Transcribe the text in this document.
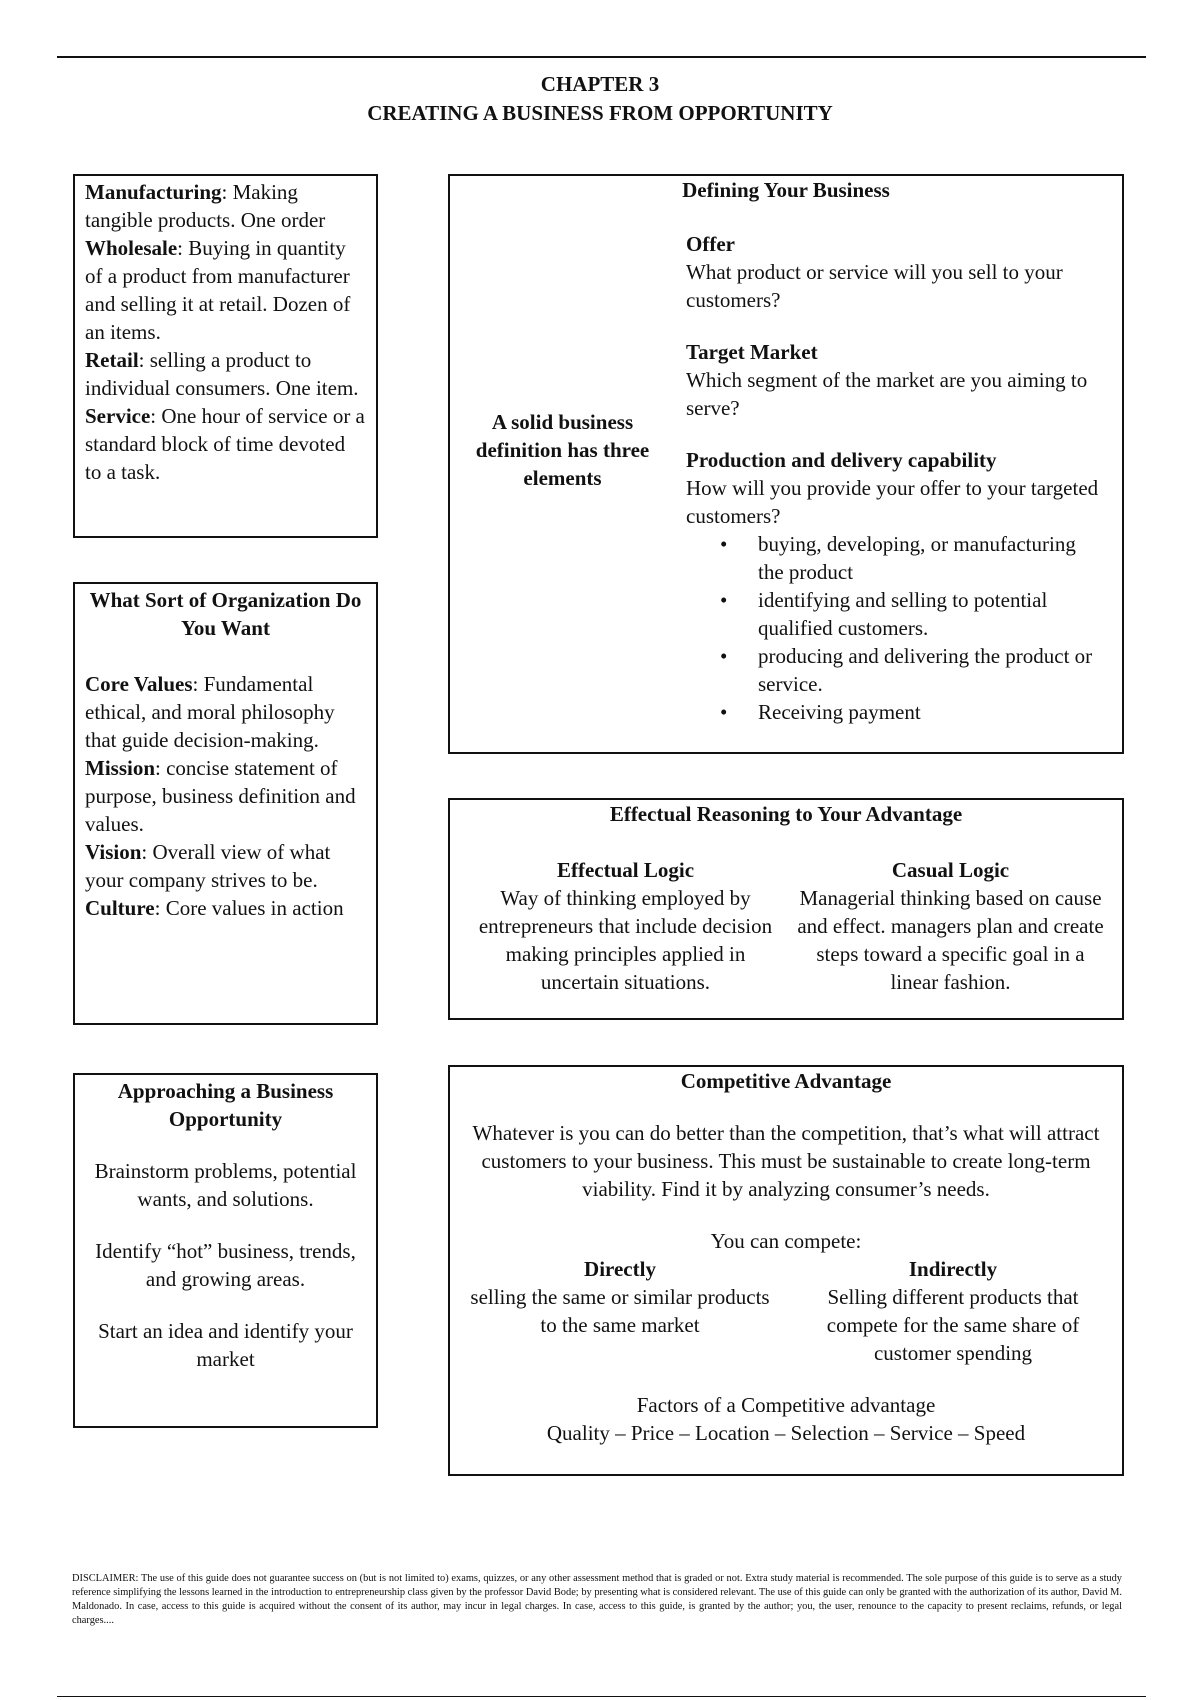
CHAPTER 3
CREATING A BUSINESS FROM OPPORTUNITY

Manufacturing: Making tangible products. One order

Wholesale: Buying in quantity of a product from manufacturer and selling it at retail. Dozen of an items.

Retail: selling a product to individual consumers. One item.

Service: One hour of service or a standard block of time devoted to a task.

What Sort of Organization Do You Want

Core Values: Fundamental ethical, and moral philosophy that guide decision-making.

Mission: concise statement of purpose, business definition and values.

Vision: Overall view of what your company strives to be.

Culture: Core values in action

Approaching a Business Opportunity

Brainstorm problems, potential wants, and solutions.

Identify “hot” business, trends, and growing areas.

Start an idea and identify your market

Defining Your Business
A solid business definition has three elements

Offer

What product or service will you sell to your customers?

Target Market

Which segment of the market are you aiming to serve?

Production and delivery capability

How will you provide your offer to your targeted customers?

• buying, developing, or manufacturing the product
• identifying and selling to potential qualified customers.
• producing and delivering the product or service.
• Receiving payment

Effectual Reasoning to Your Advantage

Effectual Logic

Way of thinking employed by entrepreneurs that include decision making principles applied in uncertain situations.

Casual Logic

Managerial thinking based on cause and effect. managers plan and create steps toward a specific goal in a linear fashion.

Competitive Advantage

Whatever is you can do better than the competition, that’s what will attract customers to your business. This must be sustainable to create long-term viability. Find it by analyzing consumer’s needs.

You can compete:

Directly

selling the same or similar products to the same market

Indirectly

Selling different products that compete for the same share of customer spending

Factors of a Competitive advantage

Quality – Price – Location – Selection – Service – Speed

DISCLAIMER: The use of this guide does not guarantee success on (but is not limited to) exams, quizzes, or any other assessment method that is graded or not. Extra study material is recommended. The sole purpose of this guide is to serve as a study reference simplifying the lessons learned in the introduction to entrepreneurship class given by the professor David Bode; by presenting what is considered relevant. The use of this guide can only be granted with the authorization of its author, David M. Maldonado. In case, access to this guide is acquired without the consent of its author, may incur in legal charges. In case, access to this guide, is granted by the author; you, the user, renounce to the capacity to present reclaims, refunds, or legal charges....
